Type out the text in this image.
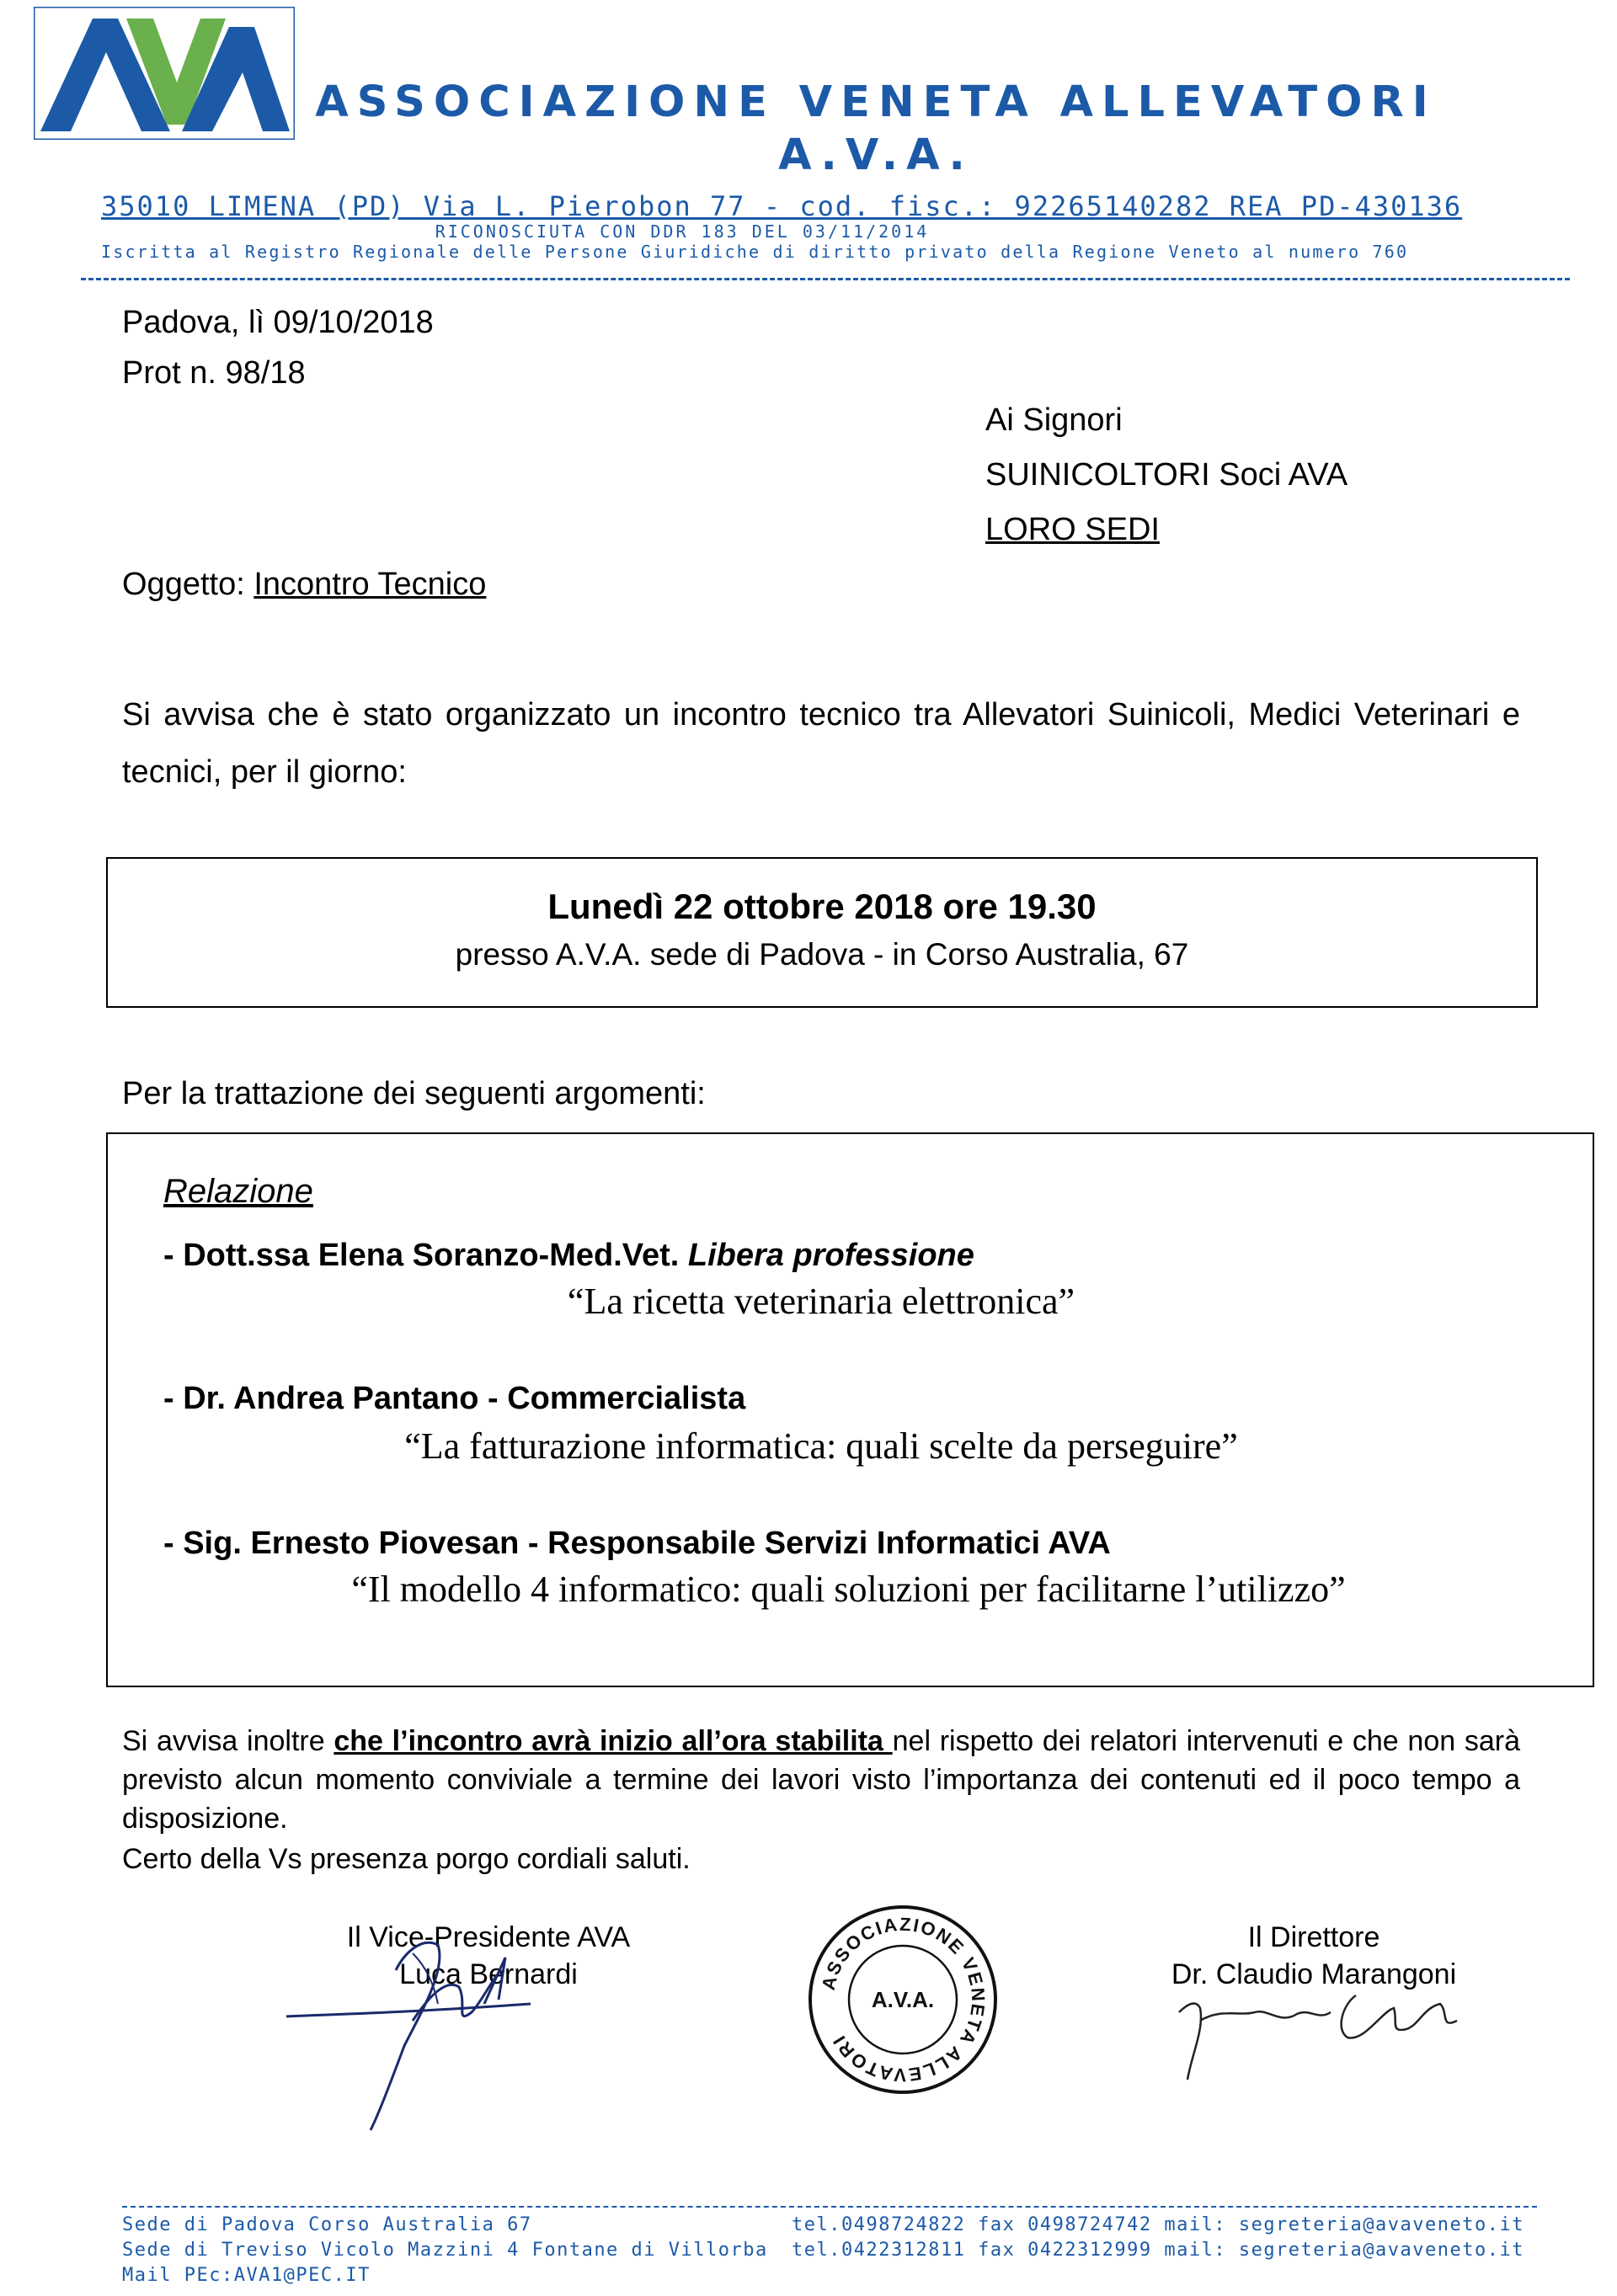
ASSOCIAZIONE VENETA ALLEVATORI
A.V.A.
35010 LIMENA (PD) Via L. Pierobon 77 - cod. fisc.: 92265140282 REA PD-430136
RICONOSCIUTA CON DDR 183 DEL 03/11/2014
Iscritta al Registro Regionale delle Persone Giuridiche di diritto privato della Regione Veneto al numero 760
Padova, lì 09/10/2018
Prot n. 98/18
Ai Signori
SUINICOLTORI Soci AVA
LORO SEDI
Oggetto: Incontro Tecnico
Si avvisa che è stato organizzato un incontro tecnico tra Allevatori Suinicoli, Medici Veterinari e tecnici, per il giorno:
Lunedì 22 ottobre 2018 ore 19.30
presso A.V.A. sede di Padova - in Corso Australia, 67
Per la trattazione dei seguenti argomenti:
Relazione
- Dott.ssa Elena Soranzo-Med.Vet. Libera professione
“La ricetta veterinaria elettronica”
- Dr. Andrea Pantano - Commercialista
“La fatturazione informatica: quali scelte da perseguire”
- Sig. Ernesto Piovesan - Responsabile Servizi Informatici AVA
“Il modello 4 informatico: quali soluzioni per facilitarne l’utilizzo”
Si avvisa inoltre che l’incontro avrà inizio all’ora stabilita nel rispetto dei relatori intervenuti e che non sarà previsto alcun momento conviviale a termine dei lavori visto l’importanza dei contenuti ed il poco tempo a disposizione.
Certo della Vs presenza porgo cordiali saluti.
Il Vice-Presidente AVA
Luca Bernardi
Il Direttore
Dr. Claudio Marangoni
ASSOCIAZIONE VENETA ALLEVATORI
A.V.A.
Sede di Padova Corso Australia 67	tel.0498724822 fax 0498724742 mail: segreteria@avaveneto.it
Sede di Treviso Vicolo Mazzini 4 Fontane di Villorba tel.0422312811 fax 0422312999 mail: segreteria@avaveneto.it
Mail PEc:AVA1@PEC.IT
